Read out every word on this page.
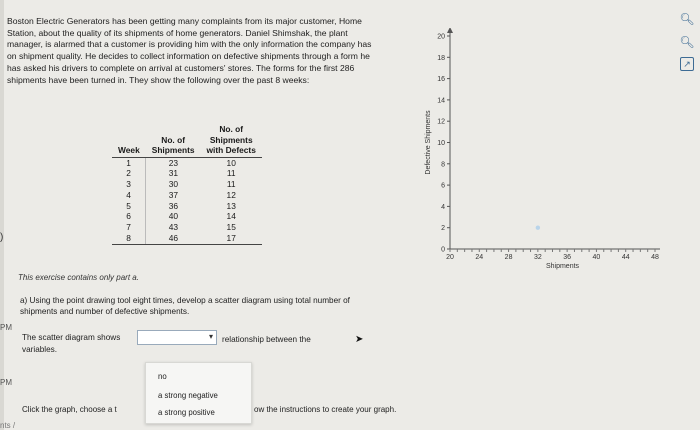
PM
PM
)
Boston Electric Generators has been getting many complaints from its major customer, Home Station, about the quality of its shipments of home generators. Daniel Shimshak, the plant manager, is alarmed that a customer is providing him with the only information the company has on shipment quality. He decides to collect information on defective shipments through a form he has asked his drivers to complete on arrival at customers' stores. The forms for the first 286 shipments have been turned in. They show the following over the past 8 weeks:
		No. of
	No. of	Shipments
Week	Shipments	with Defects
1	23	10
2	31	11
3	30	11
4	37	12
5	36	13
6	40	14
7	43	15
8	46	17
This exercise contains only part a.
a) Using the point drawing tool eight times, develop a scatter diagram using total number of shipments and number of defective shipments.
The scatter diagram shows
variables.
▾ relationship between the
no
a strong negative
a strong positive
Click the graph, choose a t	ow the instructions to create your graph.
nts /
➤
0
2
4
6
8
10
12
14
16
18
20
20	24	28	32	36	40	44	48
Shipments
Defective Shipments
🔍︎
🔍︎
↗
